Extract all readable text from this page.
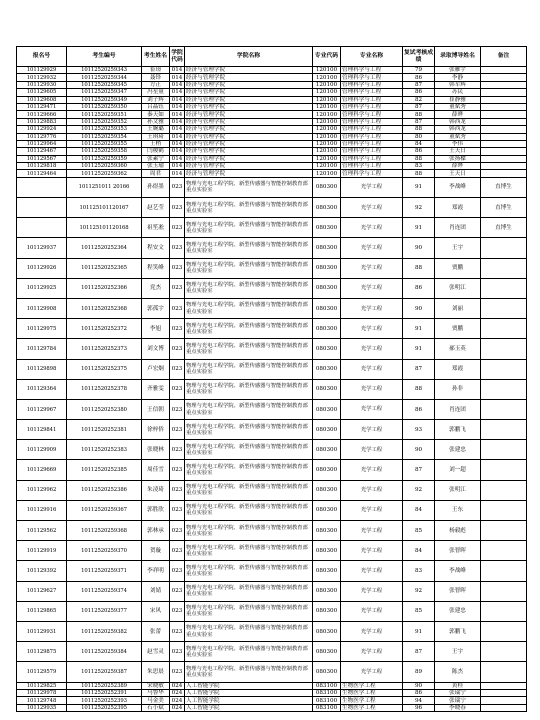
报名号	考生编号	考生姓名	学院代码	学院名称	专业代码	专业名称	复试考核成绩	录取博导姓名	备注
101129929	10112520259343	崔璟	014	经济与管理学院	120100	管理科学与工程	79	张雁宇	
101129932	10112520259344	聂铎	014	经济与管理学院	120100	管理科学与工程	86	李静	
101129930	10112520259345	方正	014	经济与管理学院	120100	管理科学与工程	87	韩军辉	
101129605	10112520259347	冯星量	014	经济与管理学院	120100	管理科学与工程	86	苏民	
101129608	10112520259349	刘子辉	014	经济与管理学院	120100	管理科学与工程	82	崔静雅	
101129471	10112520259350	吕晶钰	014	经济与管理学院	120100	管理科学与工程	87	董斌秀	
101129666	10112520259351	秦天如	014	经济与管理学院	120100	管理科学与工程	88	薛晔	
101129883	10112520259352	孙文雅	014	经济与管理学院	120100	管理科学与工程	87	韩西龙	
101129924	10112520259353	王婉璐	014	经济与管理学院	120100	管理科学与工程	88	韩西龙	
101129776	10112520259354	王琪琦	014	经济与管理学院	120100	管理科学与工程	80	董斌秀	
101129964	10112520259355	王梢	014	经济与管理学院	120100	管理科学与工程	84	李伟	
101129467	10112520259358	闫稷鹤	014	经济与管理学院	120100	管理科学与工程	86	王天日	
101129567	10112520259359	张素宁	014	经济与管理学院	120100	管理科学与工程	88	张扬樑	
101129818	10112520259360	张玉瑜	014	经济与管理学院	120100	管理科学与工程	83	薛晔	
101129464	10112520259362	周君	014	经济与管理学院	120100	管理科学与工程	88	王天日	
	1011251011 20166	孙煜墨	023	物理与光电工程学院、新型传感器与智能控制教育部重点实验室	080300	光学工程	91	李战峰	直博生
	101125101120167	赵艺莹	023	物理与光电工程学院、新型传感器与智能控制教育部重点实验室	080300	光学工程	92	郑霞	直博生
	101125101120168	祖笙凇	023	物理与光电工程学院、新型传感器与智能控制教育部重点实验室	080300	光学工程	91	肖连团	直博生
101129937	10112520252364	程安文	023	物理与光电工程学院、新型传感器与智能控制教育部重点实验室	080300	光学工程	90	王宇	
101129926	10112520252365	程笑峰	023	物理与光电工程学院、新型传感器与智能控制教育部重点实验室	080300	光学工程	88	贾鹏	
101129925	10112520252366	党杰	023	物理与光电工程学院、新型传感器与智能控制教育部重点实验室	080300	光学工程	86	张明江	
101129908	10112520252368	郭孤宇	023	物理与光电工程学院、新型传感器与智能控制教育部重点实验室	080300	光学工程	90	刘丽	
101129975	10112520252372	李旭	023	物理与光电工程学院、新型传感器与智能控制教育部重点实验室	080300	光学工程	91	贾鹏	
101129784	10112520252373	刘文博	023	物理与光电工程学院、新型传感器与智能控制教育部重点实验室	080300	光学工程	91	郝玉英	
101129898	10112520252375	卢宏炯	023	物理与光电工程学院、新型传感器与智能控制教育部重点实验室	080300	光学工程	87	郑霞	
101129364	10112520252378	齐雅雯	023	物理与光电工程学院、新型传感器与智能控制教育部重点实验室	080300	光学工程	88	孙非	
101129967	10112520252380	王信朝	023	物理与光电工程学院、新型传感器与智能控制教育部重点实验室	080300	光学工程	86	肖连团	
101129841	10112520252381	徐梓侨	023	物理与光电工程学院、新型传感器与智能控制教育部重点实验室	080300	光学工程	93	郭鹏飞	
101129909	10112520252383	张晓林	023	物理与光电工程学院、新型传感器与智能控制教育部重点实验室	080300	光学工程	90	张建忠	
101129669	10112520252385	周佳雪	023	物理与光电工程学院、新型传感器与智能控制教育部重点实验室	080300	光学工程	87	刘一超	
101129962	10112520252386	朱凌琦	023	物理与光电工程学院、新型传感器与智能控制教育部重点实验室	080300	光学工程	92	张明江	
101129916	10112520259367	郭胜欣	023	物理与光电工程学院、新型传感器与智能控制教育部重点实验室	080300	光学工程	84	王东	
101129562	10112520259368	郭林承	023	物理与光电工程学院、新型传感器与智能控制教育部重点实验室	080300	光学工程	85	杨毅彪	
101129919	10112520259370	贺璇	023	物理与光电工程学院、新型传感器与智能控制教育部重点实验室	080300	光学工程	84	张智晖	
101129392	10112520259371	李祥明	023	物理与光电工程学院、新型传感器与智能控制教育部重点实验室	080300	光学工程	83	李战峰	
101129627	10112520259374	刘婧	023	物理与光电工程学院、新型传感器与智能控制教育部重点实验室	080300	光学工程	92	张智晖	
101129865	10112520259377	宋风	023	物理与光电工程学院、新型传感器与智能控制教育部重点实验室	080300	光学工程	85	张建忠	
101129931	10112520259382	张蕾	023	物理与光电工程学院、新型传感器与智能控制教育部重点实验室	080300	光学工程	91	郭鹏飞	
101129875	10112520259384	赵雪灵	023	物理与光电工程学院、新型传感器与智能控制教育部重点实验室	080300	光学工程	87	王宇	
101129579	10112520259387	朱思晨	023	物理与光电工程学院、新型传感器与智能控制教育部重点实验室	080300	光学工程	89	陈杰	
101129825	10112520252389	宋晓敏	024	人工智能学院	083100	生物医学工程	90	黄桂	
101129978	10112520252391	马鲁华	024	人工智能学院	083100	生物医学工程	86	张瑞宁	
101129748	10112520252393	马金美	024	人工智能学院	083100	生物医学工程	94	张瑞宁	
101129935	10112520252395	石小斌	024	人工智能学院	083100	生物医学工程	96	李晓春	
